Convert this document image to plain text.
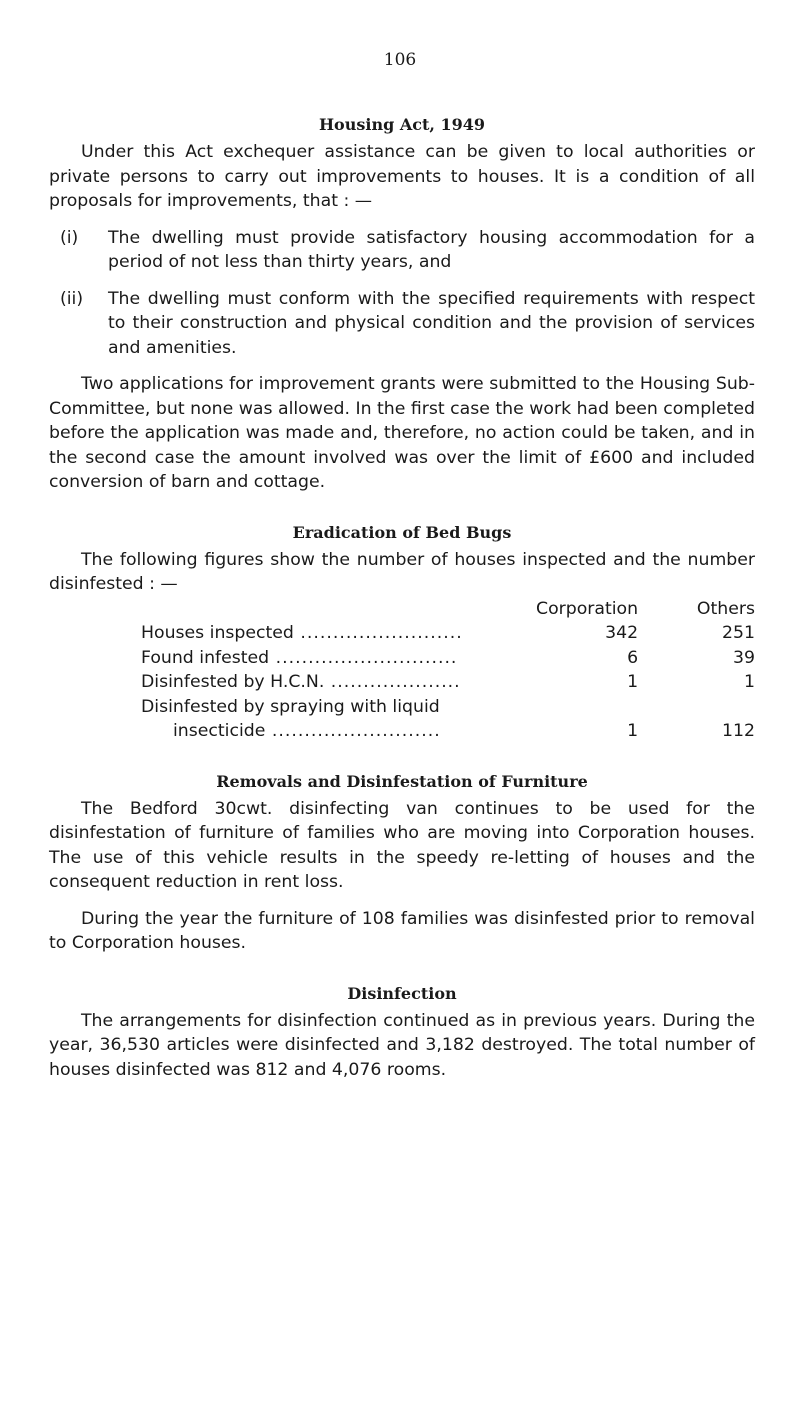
106
Housing Act, 1949

Under this Act exchequer assistance can be given to local authorities or private persons to carry out improvements to houses. It is a condition of all proposals for improvements, that : —

(i)	The dwelling must provide satisfactory housing accommodation for a period of not less than thirty years, and
(ii)	The dwelling must conform with the specified requirements with respect to their construction and physical condition and the provision of services and amenities.

Two applications for improvement grants were submitted to the Housing Sub-Committee, but none was allowed. In the first case the work had been completed before the application was made and, therefore, no action could be taken, and in the second case the amount involved was over the limit of £600 and included conversion of barn and cottage.

Eradication of Bed Bugs

The following figures show the number of houses inspected and the number disinfested : —

	Corporation	Others
Houses inspected .........................	342	251
Found infested ............................	6	39
Disinfested by H.C.N. ....................	1	1
Disinfested by spraying with liquid		
insecticide ..........................	1	112
Removals and Disinfestation of Furniture

The Bedford 30cwt. disinfecting van continues to be used for the disinfestation of furniture of families who are moving into Corporation houses. The use of this vehicle results in the speedy re-letting of houses and the consequent reduction in rent loss.

During the year the furniture of 108 families was disinfested prior to removal to Corporation houses.

Disinfection

The arrangements for disinfection continued as in previous years. During the year, 36,530 articles were disinfected and 3,182 destroyed. The total number of houses disinfected was 812 and 4,076 rooms.
